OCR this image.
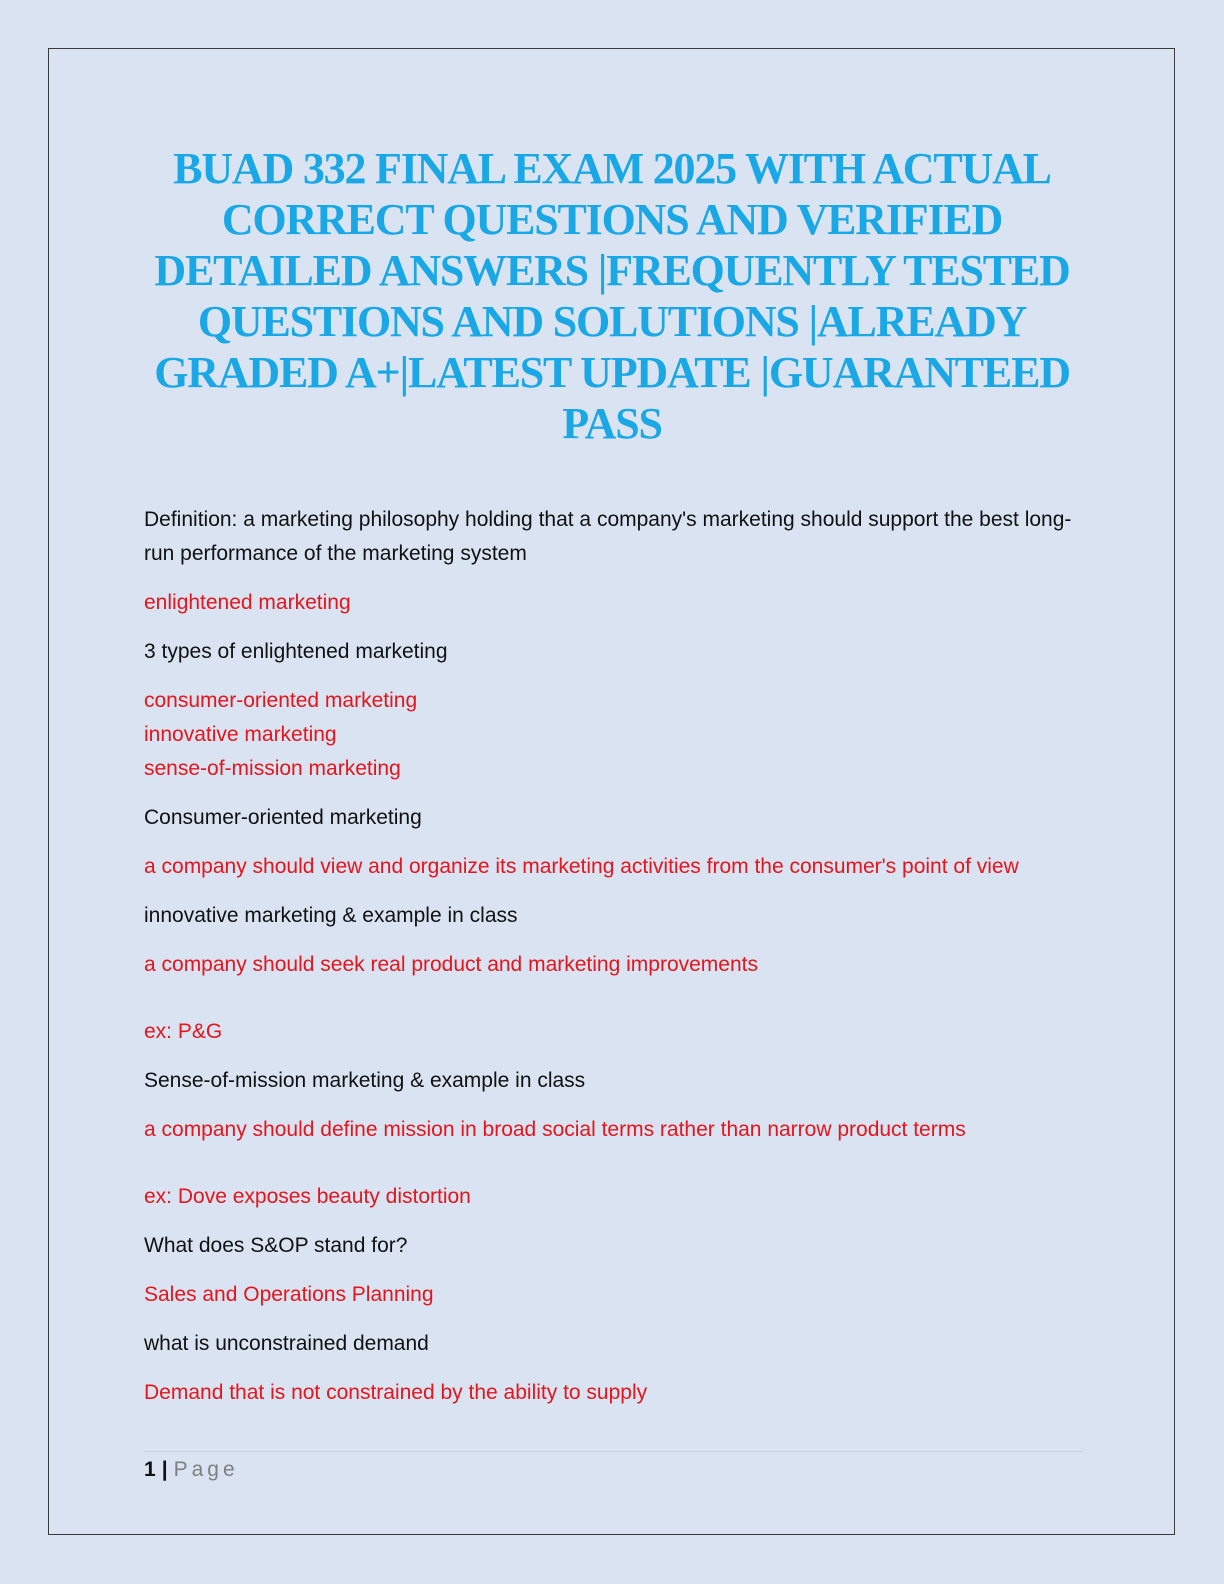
BUAD 332 FINAL EXAM 2025 WITH ACTUAL CORRECT QUESTIONS AND VERIFIED DETAILED ANSWERS |FREQUENTLY TESTED QUESTIONS AND SOLUTIONS |ALREADY GRADED A+|LATEST UPDATE |GUARANTEED PASS

Definition: a marketing philosophy holding that a company's marketing should support the best long-run performance of the marketing system

enlightened marketing

3 types of enlightened marketing

consumer-oriented marketing
innovative marketing
sense-of-mission marketing

Consumer-oriented marketing

a company should view and organize its marketing activities from the consumer's point of view

innovative marketing & example in class

a company should seek real product and marketing improvements

ex: P&G

Sense-of-mission marketing & example in class

a company should define mission in broad social terms rather than narrow product terms

ex: Dove exposes beauty distortion

What does S&OP stand for?

Sales and Operations Planning

what is unconstrained demand

Demand that is not constrained by the ability to supply

1 | Page
